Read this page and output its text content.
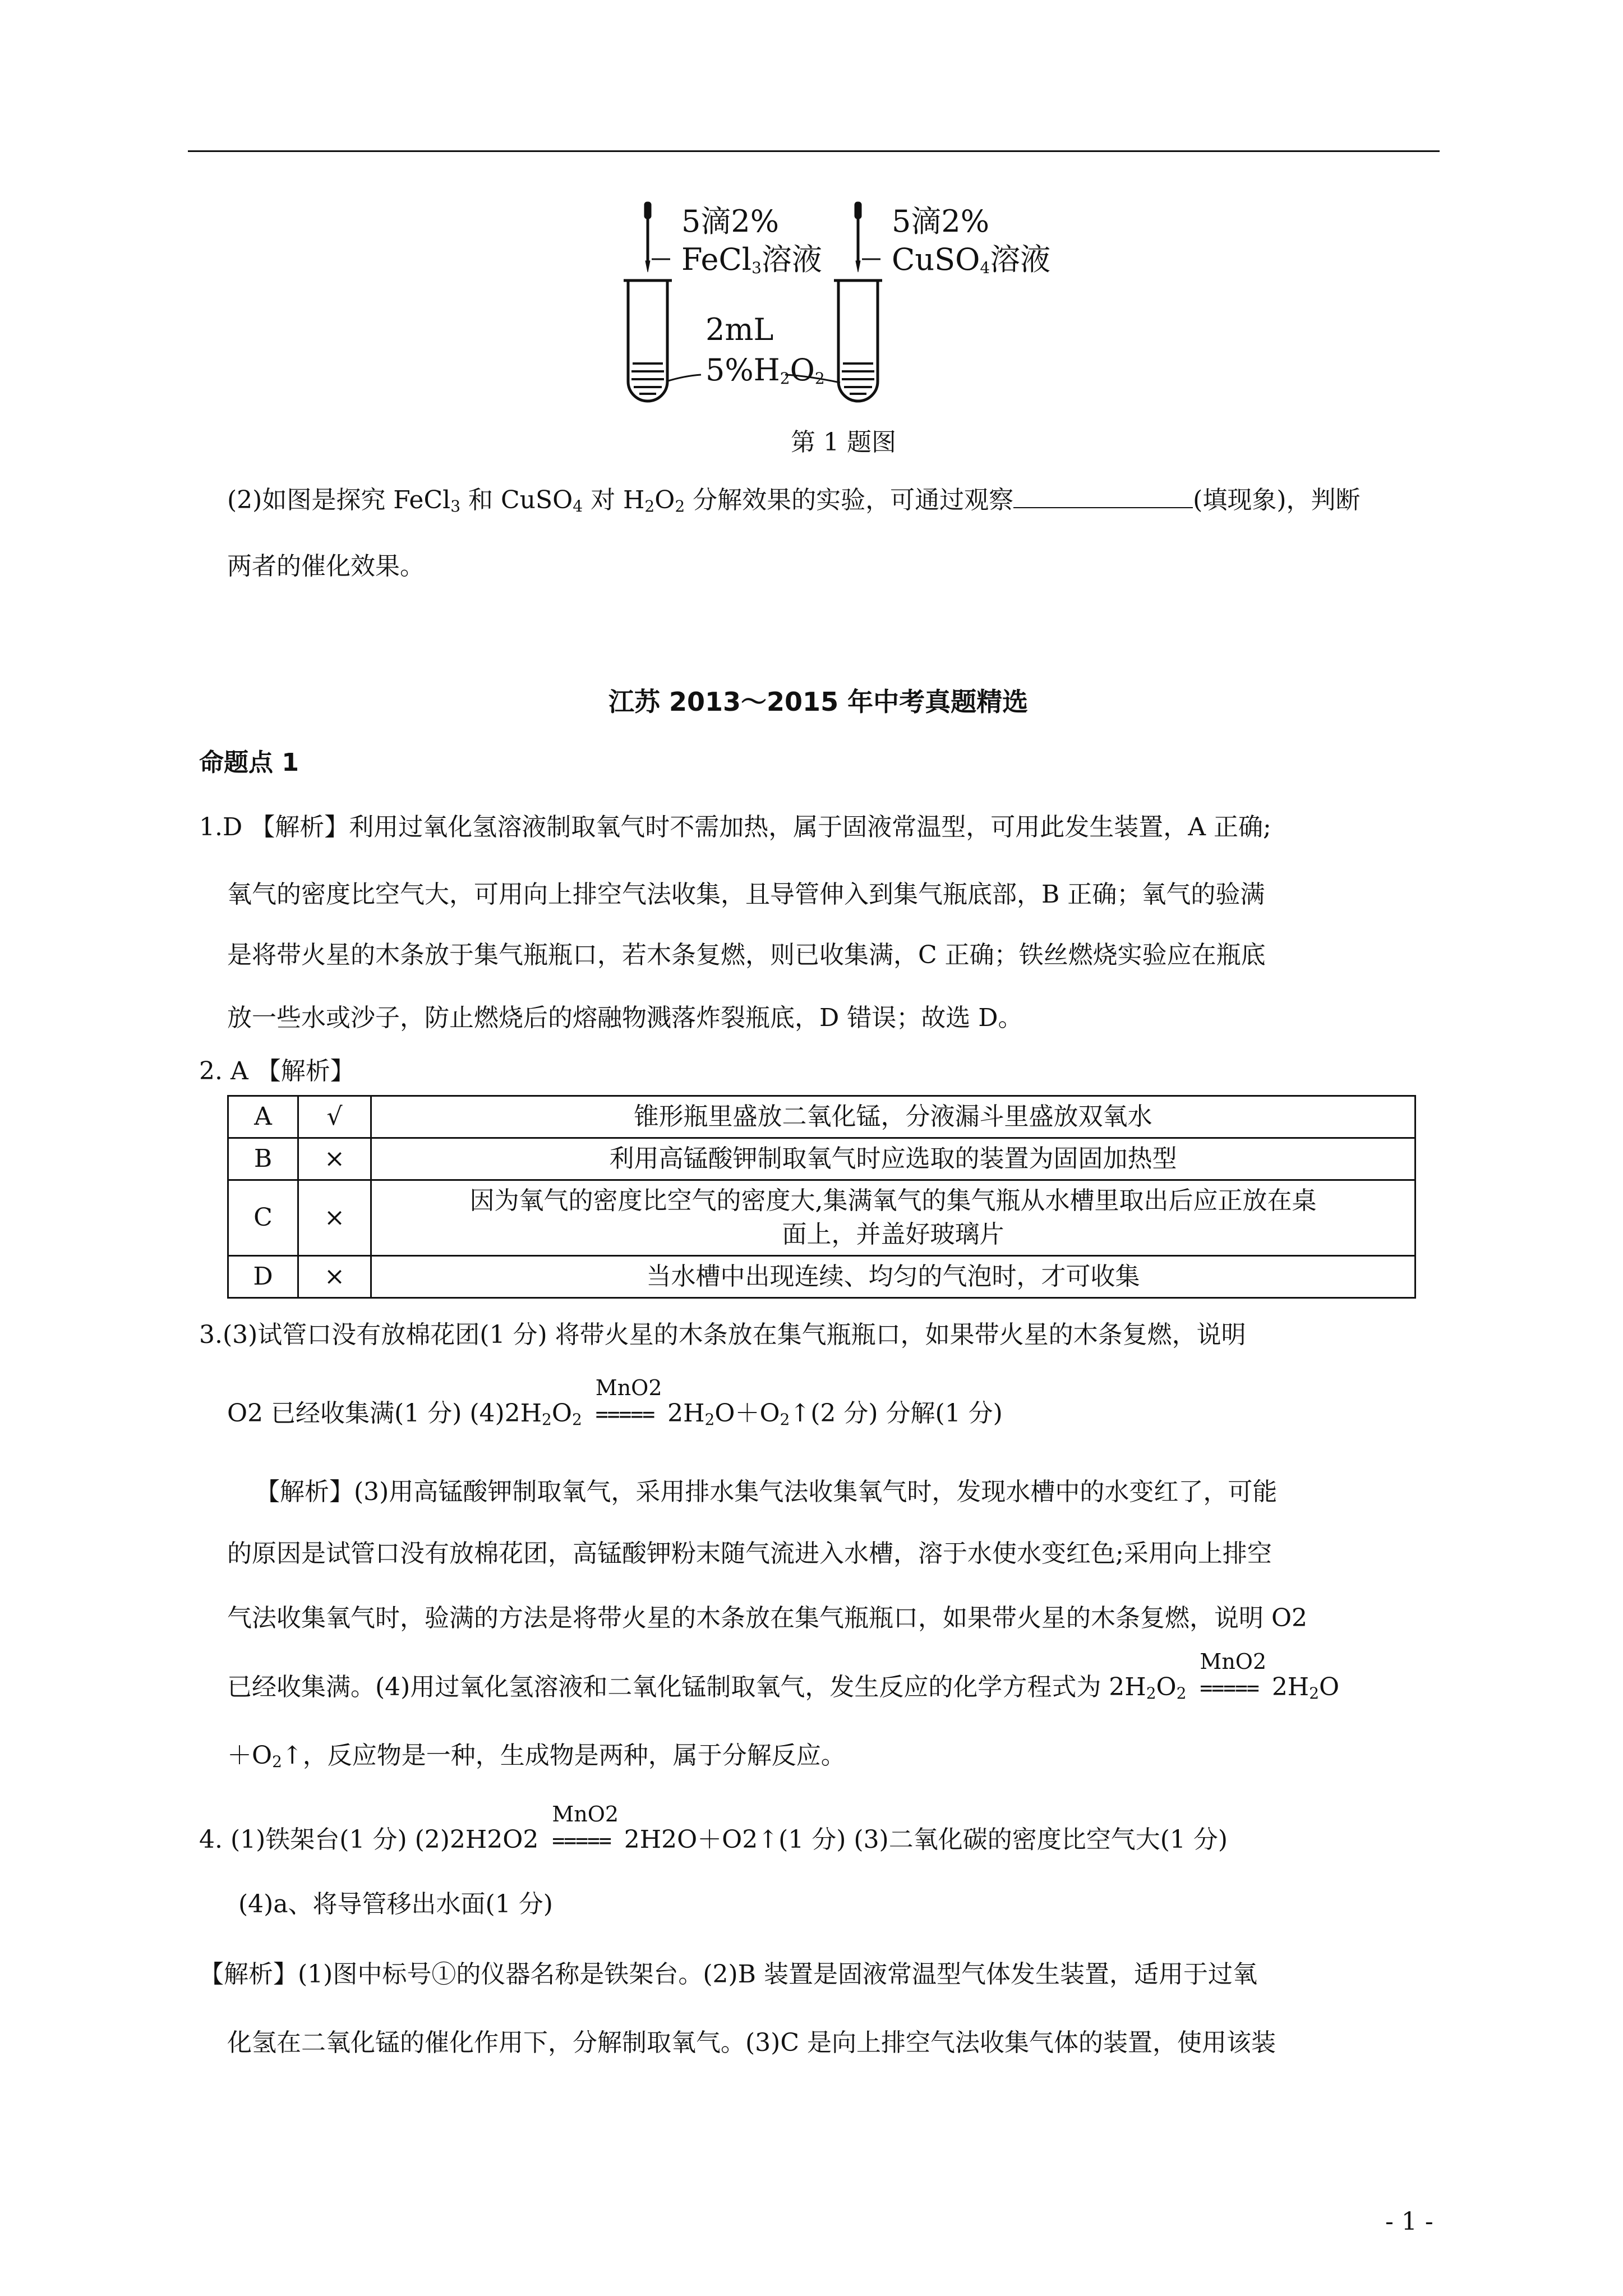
5滴2%
FeCl$_3$溶液
5滴2%
CuSO$_4$溶液
2mL
$5\%H_2O_2$
第 1 题图
(2)如图是探究 FeCl$_3$ 和 CuSO$_4$ 对 $H_2O_2$ 分解效果的实验，可通过观察	(填现象)，判断
两者的催化效果。
江苏 2013～2015 年中考真题精选
命题点 1
1.D 【解析】利用过氧化氢溶液制取氧气时不需加热，属于固液常温型，可用此发生装置，A 正确;
氧气的密度比空气大，可用向上排空气法收集，且导管伸入到集气瓶底部，B 正确；氧气的验满
是将带火星的木条放于集气瓶瓶口，若木条复燃，则已收集满，C 正确；铁丝燃烧实验应在瓶底
放一些水或沙子，防止燃烧后的熔融物溅落炸裂瓶底，D 错误；故选 D。
2. A 【解析】
A	√	锥形瓶里盛放二氧化锰，分液漏斗里盛放双氧水
B	×	利用高锰酸钾制取氧气时应选取的装置为固固加热型
C	×	因为氧气的密度比空气的密度大,集满氧气的集气瓶从水槽里取出后应正放在桌
面上，并盖好玻璃片

D	×	当水槽中出现连续、均匀的气泡时，才可收集
3.(3)试管口没有放棉花团(1 分) 将带火星的木条放在集气瓶瓶口，如果带火星的木条复燃，说明
O2 已经收集满(1 分) $(4)2H_2O_2$
MnO2
===== $2H_2O+O_2↑(2$ 分) 分解(1 分)
【解析】(3)用高锰酸钾制取氧气，采用排水集气法收集氧气时，发现水槽中的水变红了，可能
的原因是试管口没有放棉花团，高锰酸钾粉末随气流进入水槽，溶于水使水变红色;采用向上排空
气法收集氧气时，验满的方法是将带火星的木条放在集气瓶瓶口，如果带火星的木条复燃，说明 O2
已经收集满。(4)用过氧化氢溶液和二氧化锰制取氧气，发生反应的化学方程式为 $2H_2O_2$
MnO2
===== $2H_2O$
$+O_2↑$，反应物是一种，生成物是两种，属于分解反应。
4. (1)铁架台(1 分) (2)2H2O2
MnO2
===== 2H2O＋O2↑(1 分) (3)二氧化碳的密度比空气大(1 分)
(4)a、将导管移出水面(1 分)
【解析】(1)图中标号①的仪器名称是铁架台。(2)B 装置是固液常温型气体发生装置，适用于过氧
化氢在二氧化锰的催化作用下，分解制取氧气。(3)C 是向上排空气法收集气体的装置，使用该装
- 1 -
